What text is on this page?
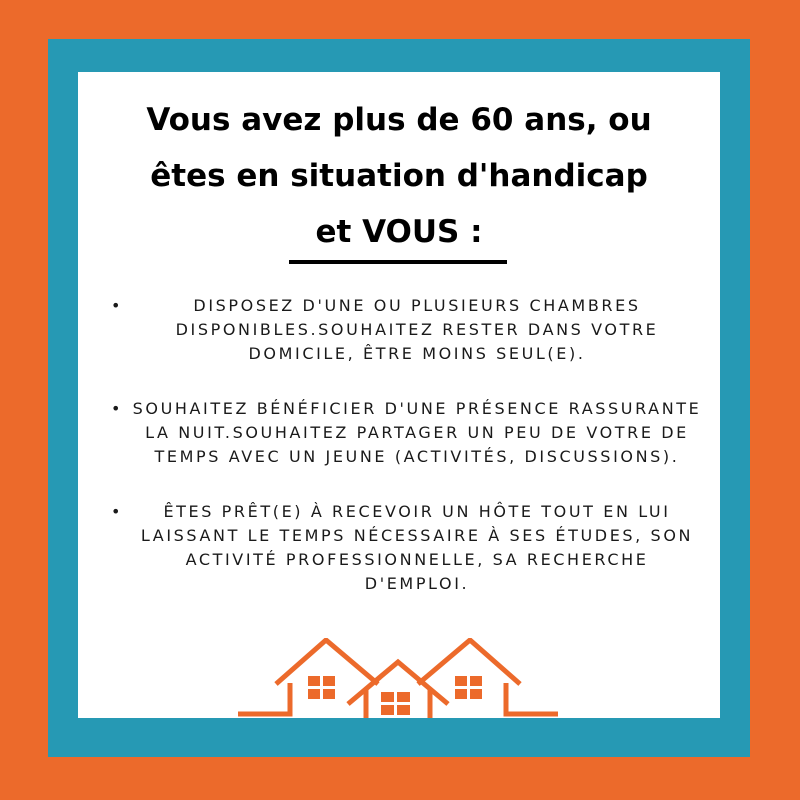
Vous avez plus de 60 ans, ou
êtes en situation d'handicap
et VOUS :
•	DISPOSEZ D'UNE OU PLUSIEURS CHAMBRES DISPONIBLES.SOUHAITEZ RESTER DANS VOTRE DOMICILE, ÊTRE MOINS SEUL(E).
• SOUHAITEZ BÉNÉFICIER D'UNE PRÉSENCE RASSURANTE LA NUIT.SOUHAITEZ PARTAGER UN PEU DE VOTRE DE TEMPS AVEC UN JEUNE (ACTIVITÉS, DISCUSSIONS).
•	ÊTES PRÊT(E) À RECEVOIR UN HÔTE TOUT EN LUI LAISSANT LE TEMPS NÉCESSAIRE À SES ÉTUDES, SON ACTIVITÉ PROFESSIONNELLE, SA RECHERCHE D'EMPLOI.
